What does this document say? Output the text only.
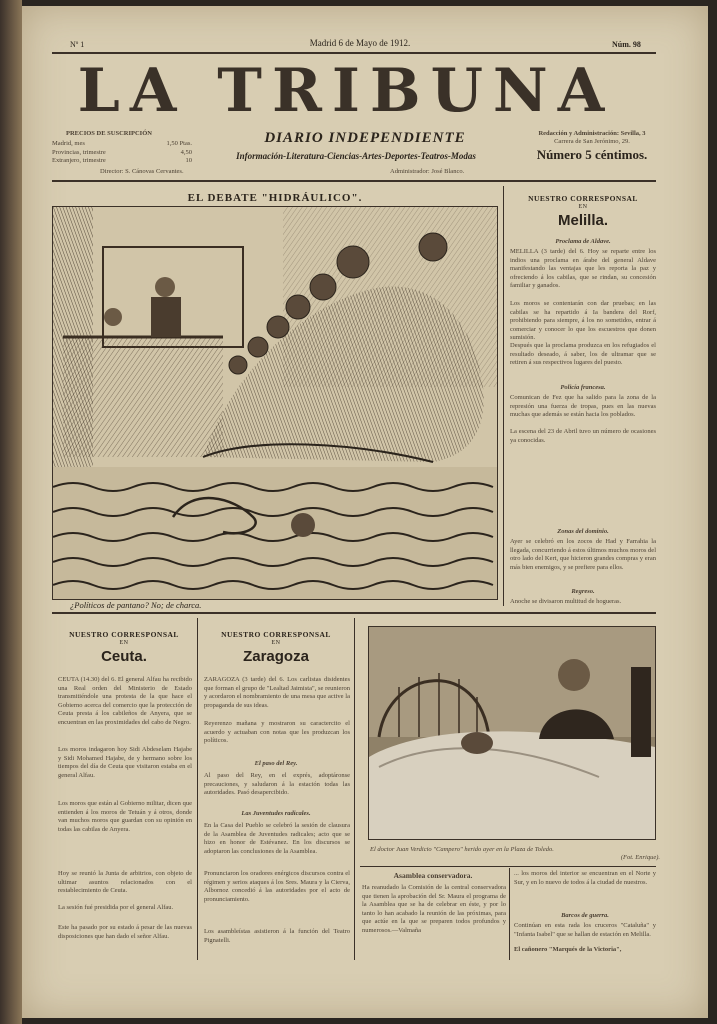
Nº 1	Madrid 6 de Mayo de 1912.	Núm. 98
LA TRIBUNA
PRECIOS DE SUSCRIPCIÓN
Madrid, mes	1,50 Ptas.
Provincias, trimestre	4,50
Extranjero, trimestre	10
DIARIO INDEPENDIENTE
Información-Literatura-Ciencias-Artes-Deportes-Teatros-Modas
Redacción y Administración: Sevilla, 3
Carrera de San Jerónimo, 29.
Número 5 céntimos.
Director: S. Cánovas Cervantes.	Administrador: José Blanco.
EL DEBATE "HIDRÁULICO".
¿Políticos de pantano? No; de charca.
NUESTRO CORRESPONSAL
EN
Melilla.
Proclama de Aldave.
MELILLA (3 tarde) del 6. Hoy se reparte entre los indios una proclama en árabe del general Aldave manifestando las ventajas que les reporta la paz y ofreciendo á los cabilas, que se rindan, su concesión familiar y ganados.
Los moros se contentarán con dar pruebas; en las cabilas se ha repartido á Ia bandera del Rorf, prohibiendo para siempre, á los no sometidos, entrar á comerciar y conocer lo que los escuestros que donen sumisión.
Después que la proclama produzca en los refugiados el resultado deseado, á saber, los de ultramar que se retiren á sus respectivos lugares del puesto.
Policía francesa.
Comunican de Fez que ha salido para la zona de la represión una fuerza de tropas, pues en las nuevas muchas que además se están hacia los poblados.
La escena del 23 de Abril tuvo un número de ocasiones ya conocidas.
Zonas del dominio.
Ayer se celebró en los zocos de Had y Farrahia la llegada, concurriendo á estos últimos muchos moros del otro lado del Kert, que hicieron grandes compras y eran más bien enemigos, y se prefiere para ellos.
Regreso.
Anoche se divisaron multitud de hogueras.
NUESTRO CORRESPONSAL
EN
Ceuta.
CEUTA (14.30) del 6. El general Alfau ha recibido una Real orden del Ministerio de Estado transmitiéndole una protesta de la que hace el Gobierno acerca del comercio que la protección de Ceuta presta á los cabileños de Anyera, que se encuentran en las proximidades del cabo de Negro.
Los moros indagaron hoy Sidi Abdeselam Hajabe y Sidi Mohamed Hajabe, de y hermano sobre los tiempos del día de Ceuta que visitaron estaba en el general Alfau.
Los moros que están al Gobierno militar, dicen que entienden á los moros de Tetuán y á otros, donde van muchos moros que guardan con su opinión en todas las cabilas de Anyera.
Hoy se reunió la Junta de arbitrios, con objeto de ultimar asuntos relacionados con el restablecimiento de Ceuta.
La sesión fué presidida por el general Alfau.
Este ha pasado por su estado á pesar de las nuevas disposiciones que han dado el señor Alfau.
NUESTRO CORRESPONSAL
EN
Zaragoza
ZARAGOZA (3 tarde) del 6. Los carlistas disidentes que forman el grupo de "Lealtad Jaimista", se reunieron y acordaron el nombramiento de una mesa que active la propaganda de sus ideas.
Reyerenzo mañana y mostraron su caractercito el acuerdo y actuaban con notas que les produzcan los políticos.
El paso del Rey.
Al paso del Rey, en el exprés, adoptáronse precauciones, y saludaron á la estación todas las autoridades. Pasó desapercibido.
Las Juventudes radicales.
En la Casa del Pueblo se celebró la sesión de clausura de la Asamblea de Juventudes radicales; acto que se hizo en honor de Estévanez. En los discursos se adoptaron las conclusiones de la Asamblea.
Pronunciaron los oradores enérgicos discursos contra el régimen y serios ataques á los Sres. Maura y la Cierva, Albornoz concedió á las autoridades por el acto de pronunciamiento.
Los asambleístas asistieron á la función del Teatro Pignatelli.
El doctor Juan Verdicio "Campero" herido ayer en la Plaza de Toledo.
(Fot. Enrique).
Asamblea conservadora.
Ha reanudado la Comisión de la central conservadora que tienen la aprobación del Sr. Maura el programa de la Asamblea que se ha de celebrar en éste, y por lo tanto lo han acabado la reunión de las próximas, para que actúe en la que se preparen todos profundos y numerosos.—Valmaña
... los moros del interior se encuentran en el Norte y Sur, y en lo nuevo de todos á la ciudad de nuestros.
Barcos de guerra.
Continúan en esta rada los cruceros "Cataluña" y "Infanta Isabel" que se hallan de estación en Melilla.
El cañonero "Marqués de la Victoria",
